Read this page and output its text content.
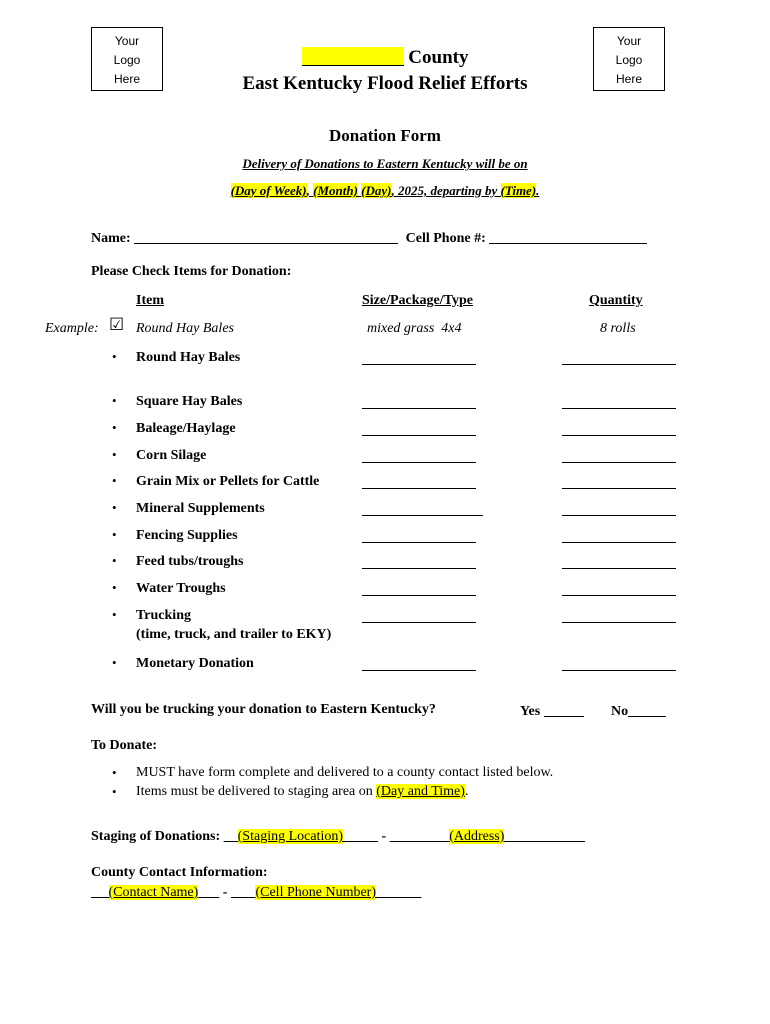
Your
Logo
Here
Your
Logo
Here
County
East Kentucky Flood Relief Efforts
Donation Form
Delivery of Donations to Eastern Kentucky will be on
(Day of Week), (Month) (Day), 2025, departing by (Time).
Name:	Cell Phone #:
Please Check Items for Donation:
Item	Size/Package/Type	Quantity
Example: ☑ Round Hay Bales	mixed grass  4x4	8 rolls
• Round Hay Bales
• Square Hay Bales
• Baleage/Haylage
• Corn Silage
• Grain Mix or Pellets for Cattle
• Mineral Supplements
• Fencing Supplies
• Feed tubs/troughs
• Water Troughs
• Trucking
(time, truck, and trailer to EKY)
• Monetary Donation
Will you be trucking your donation to Eastern Kentucky?	Yes	No
To Donate:
• MUST have form complete and delivered to a county contact listed below.
• Items must be delivered to staging area on (Day and Time).
Staging of Donations:     (Staging Location)	-	(Address)
County Contact Information:
(Contact Name)       -        (Cell Phone Number)
